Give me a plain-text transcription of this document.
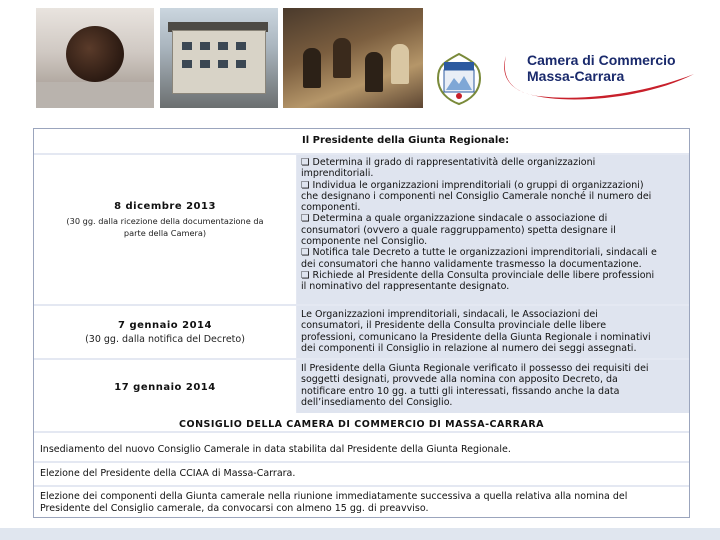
Camera di Commercio
Massa-Carrara
Il Presidente della Giunta Regionale:
8 dicembre 2013
(30 gg. dalla ricezione della documentazione da
parte della Camera)
❏ Determina il grado di rappresentatività delle organizzazioni
imprenditoriali.
❏ Individua le organizzazioni imprenditoriali (o gruppi di organizzazioni)
che designano i componenti nel Consiglio Camerale nonché il numero dei
componenti.
❏ Determina a quale organizzazione sindacale o associazione di
consumatori (ovvero a quale raggruppamento) spetta designare il
componente nel Consiglio.
❏ Notifica tale Decreto a tutte le organizzazioni imprenditoriali, sindacali e
dei consumatori che hanno validamente trasmesso la documentazione.
❏ Richiede al Presidente della Consulta provinciale delle libere professioni
il nominativo del rappresentante designato.
7 gennaio 2014
(30 gg. dalla notifica del Decreto)
Le Organizzazioni imprenditoriali, sindacali, le Associazioni dei
consumatori, il Presidente della Consulta provinciale delle libere
professioni, comunicano la Presidente della Giunta Regionale i nominativi
dei componenti il Consiglio in relazione al numero dei seggi assegnati.
17 gennaio 2014
Il Presidente della Giunta Regionale verificato il possesso dei requisiti dei
soggetti designati, provvede alla nomina con apposito Decreto, da
notificare entro 10 gg. a tutti gli interessati, fissando anche la data
dell’insediamento del Consiglio.
CONSIGLIO DELLA CAMERA DI COMMERCIO DI MASSA-CARRARA
Insediamento del nuovo Consiglio Camerale in data stabilita dal Presidente della Giunta Regionale.
Elezione del Presidente della CCIAA di Massa-Carrara.
Elezione dei componenti della Giunta camerale nella riunione immediatamente successiva a quella relativa alla nomina del
Presidente del Consiglio camerale, da convocarsi con almeno 15 gg. di preavviso.
